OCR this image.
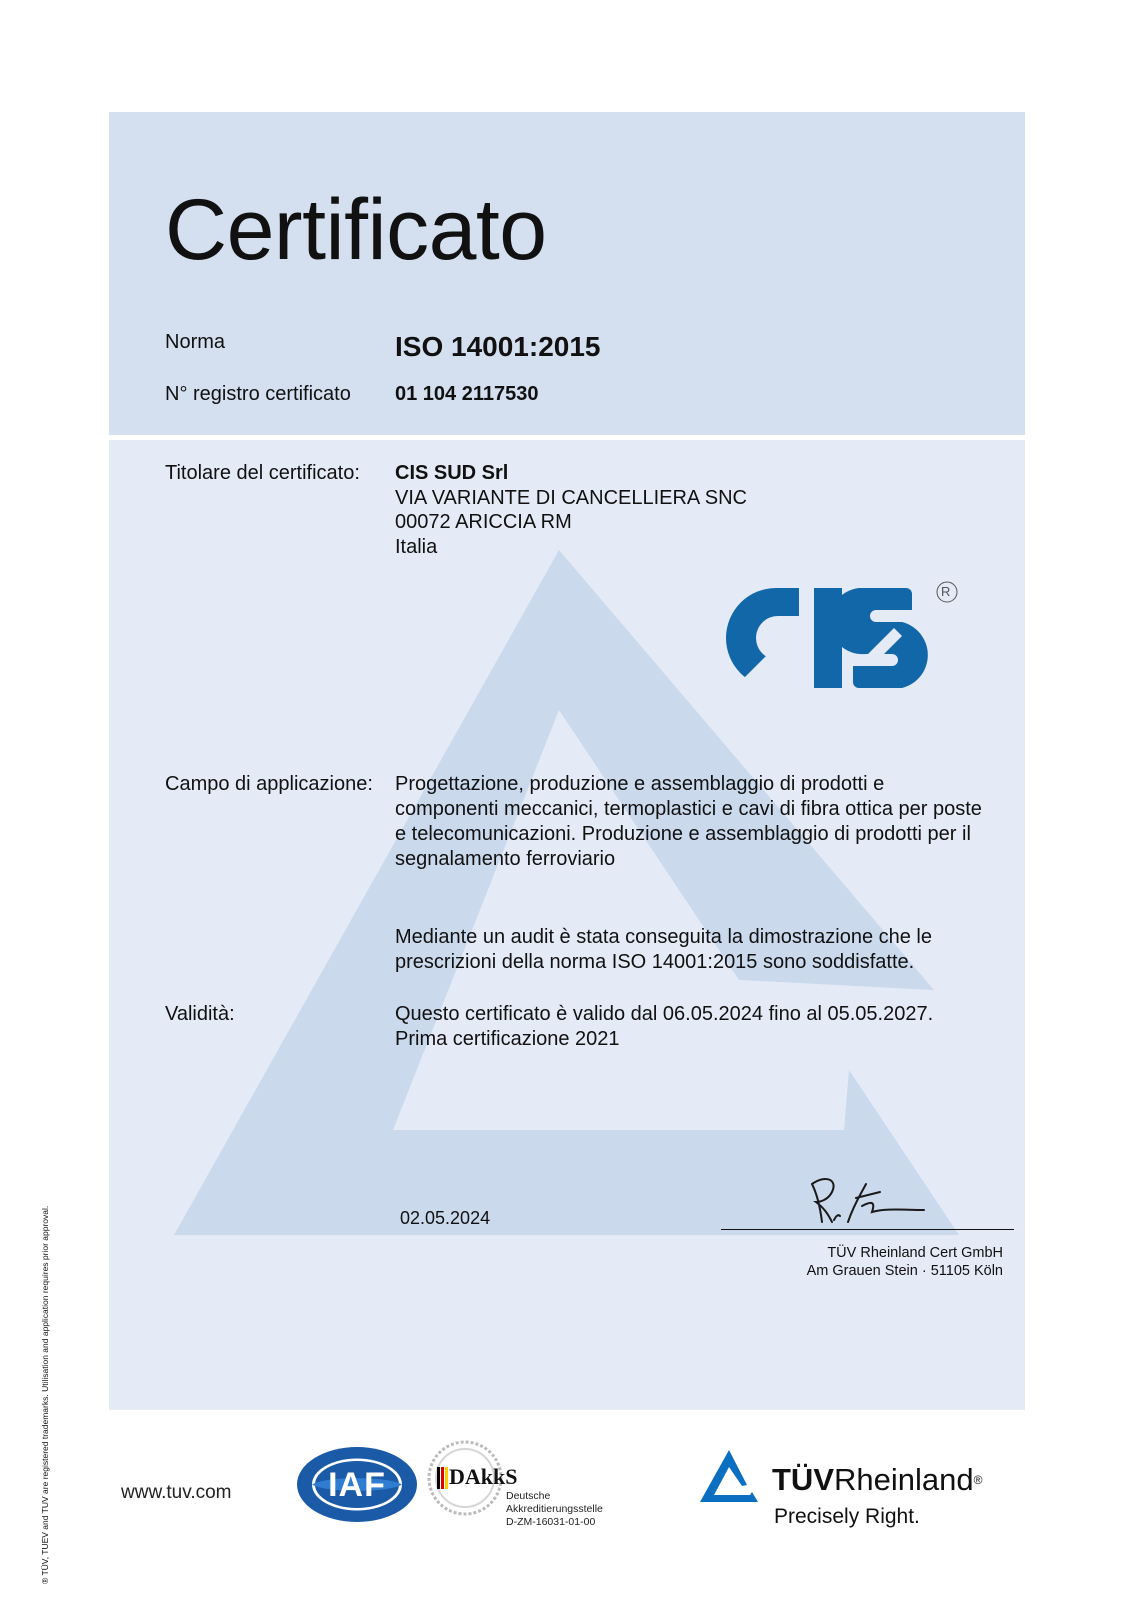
Certificato
Norma	ISO 14001:2015
N° registro certificato 01 104 2117530
Titolare del certificato: CIS SUD Srl
VIA VARIANTE DI CANCELLIERA SNC
00072 ARICCIA RM
Italia
R
Campo di applicazione: Progettazione, produzione e assemblaggio di prodotti e
componenti meccanici, termoplastici e cavi di fibra ottica per poste
e telecomunicazioni. Produzione e assemblaggio di prodotti per il
segnalamento ferroviario
Mediante un audit è stata conseguita la dimostrazione che le
prescrizioni della norma ISO 14001:2015 sono soddisfatte.
Validità:	Questo certificato è valido dal 06.05.2024 fino al 05.05.2027.
Prima certificazione 2021
02.05.2024
TÜV Rheinland Cert GmbH
Am Grauen Stein · 51105 Köln
www.tuv.com	IAF	DAkkS
Deutsche
Akkreditierungsstelle
D-ZM-16031-01-00
TÜVRheinland®
Precisely Right.
® TÜV, TUEV and TUV are registered trademarks. Utilisation and application requires prior approval.
